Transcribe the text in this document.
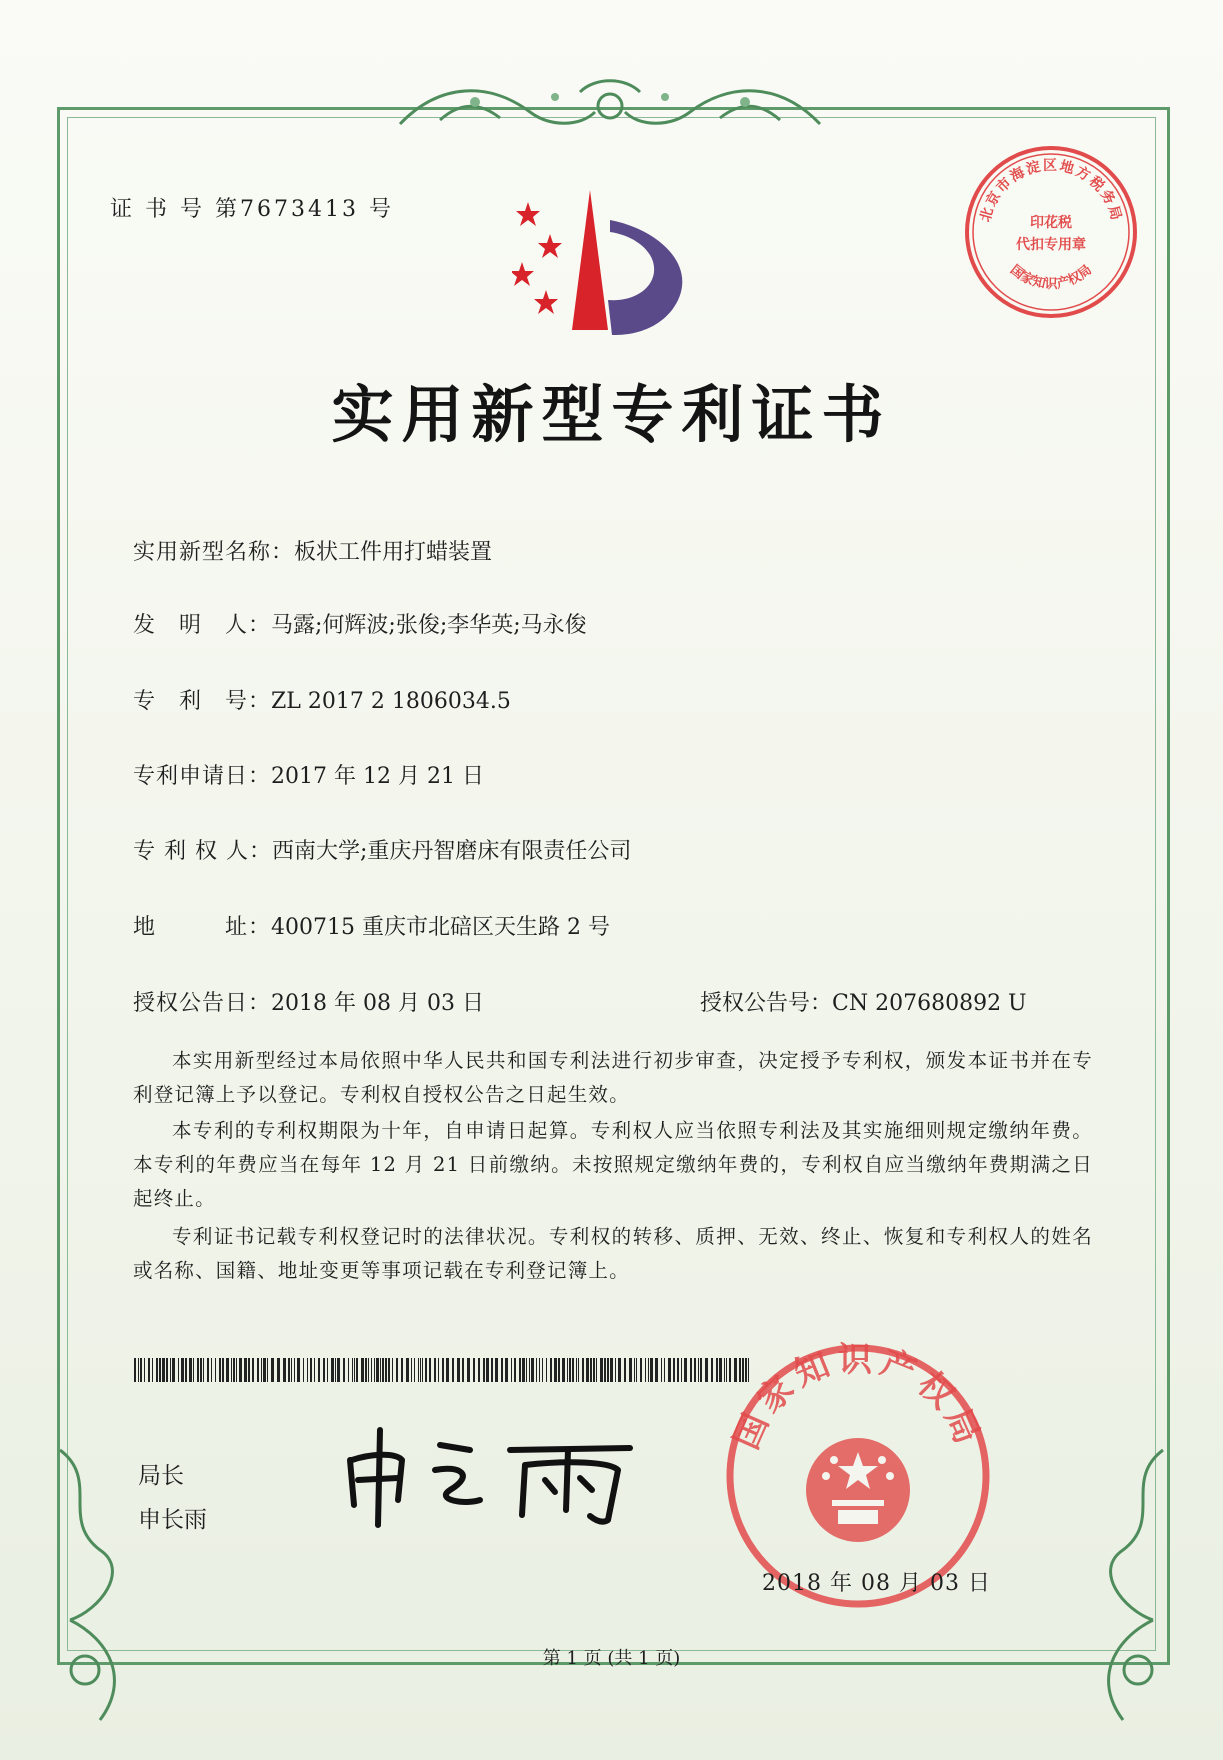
证 书 号 第7673413 号	北京市海淀区地方税务局
国家知识产权局
印花税
代扣专用章
实用新型专利证书
实用新型名称：板状工件用打蜡装置
发　明　人：马露;何辉波;张俊;李华英;马永俊
专　利　号：ZL 2017 2 1806034.5
专利申请日：2017 年 12 月 21 日
专 利 权 人：西南大学;重庆丹智磨床有限责任公司
地　　　址：400715 重庆市北碚区天生路 2 号
授权公告日：2018 年 08 月 03 日	授权公告号：CN 207680892 U
本实用新型经过本局依照中华人民共和国专利法进行初步审查，决定授予专利权，颁发本证书并在专利登记簿上予以登记。专利权自授权公告之日起生效。
本专利的专利权期限为十年，自申请日起算。专利权人应当依照专利法及其实施细则规定缴纳年费。本专利的年费应当在每年 12 月 21 日前缴纳。未按照规定缴纳年费的，专利权自应当缴纳年费期满之日起终止。
专利证书记载专利权登记时的法律状况。专利权的转移、质押、无效、终止、恢复和专利权人的姓名或名称、国籍、地址变更等事项记载在专利登记簿上。
局长
申长雨
国家知识产权局
2018 年 08 月 03 日
第 1 页 (共 1 页)
